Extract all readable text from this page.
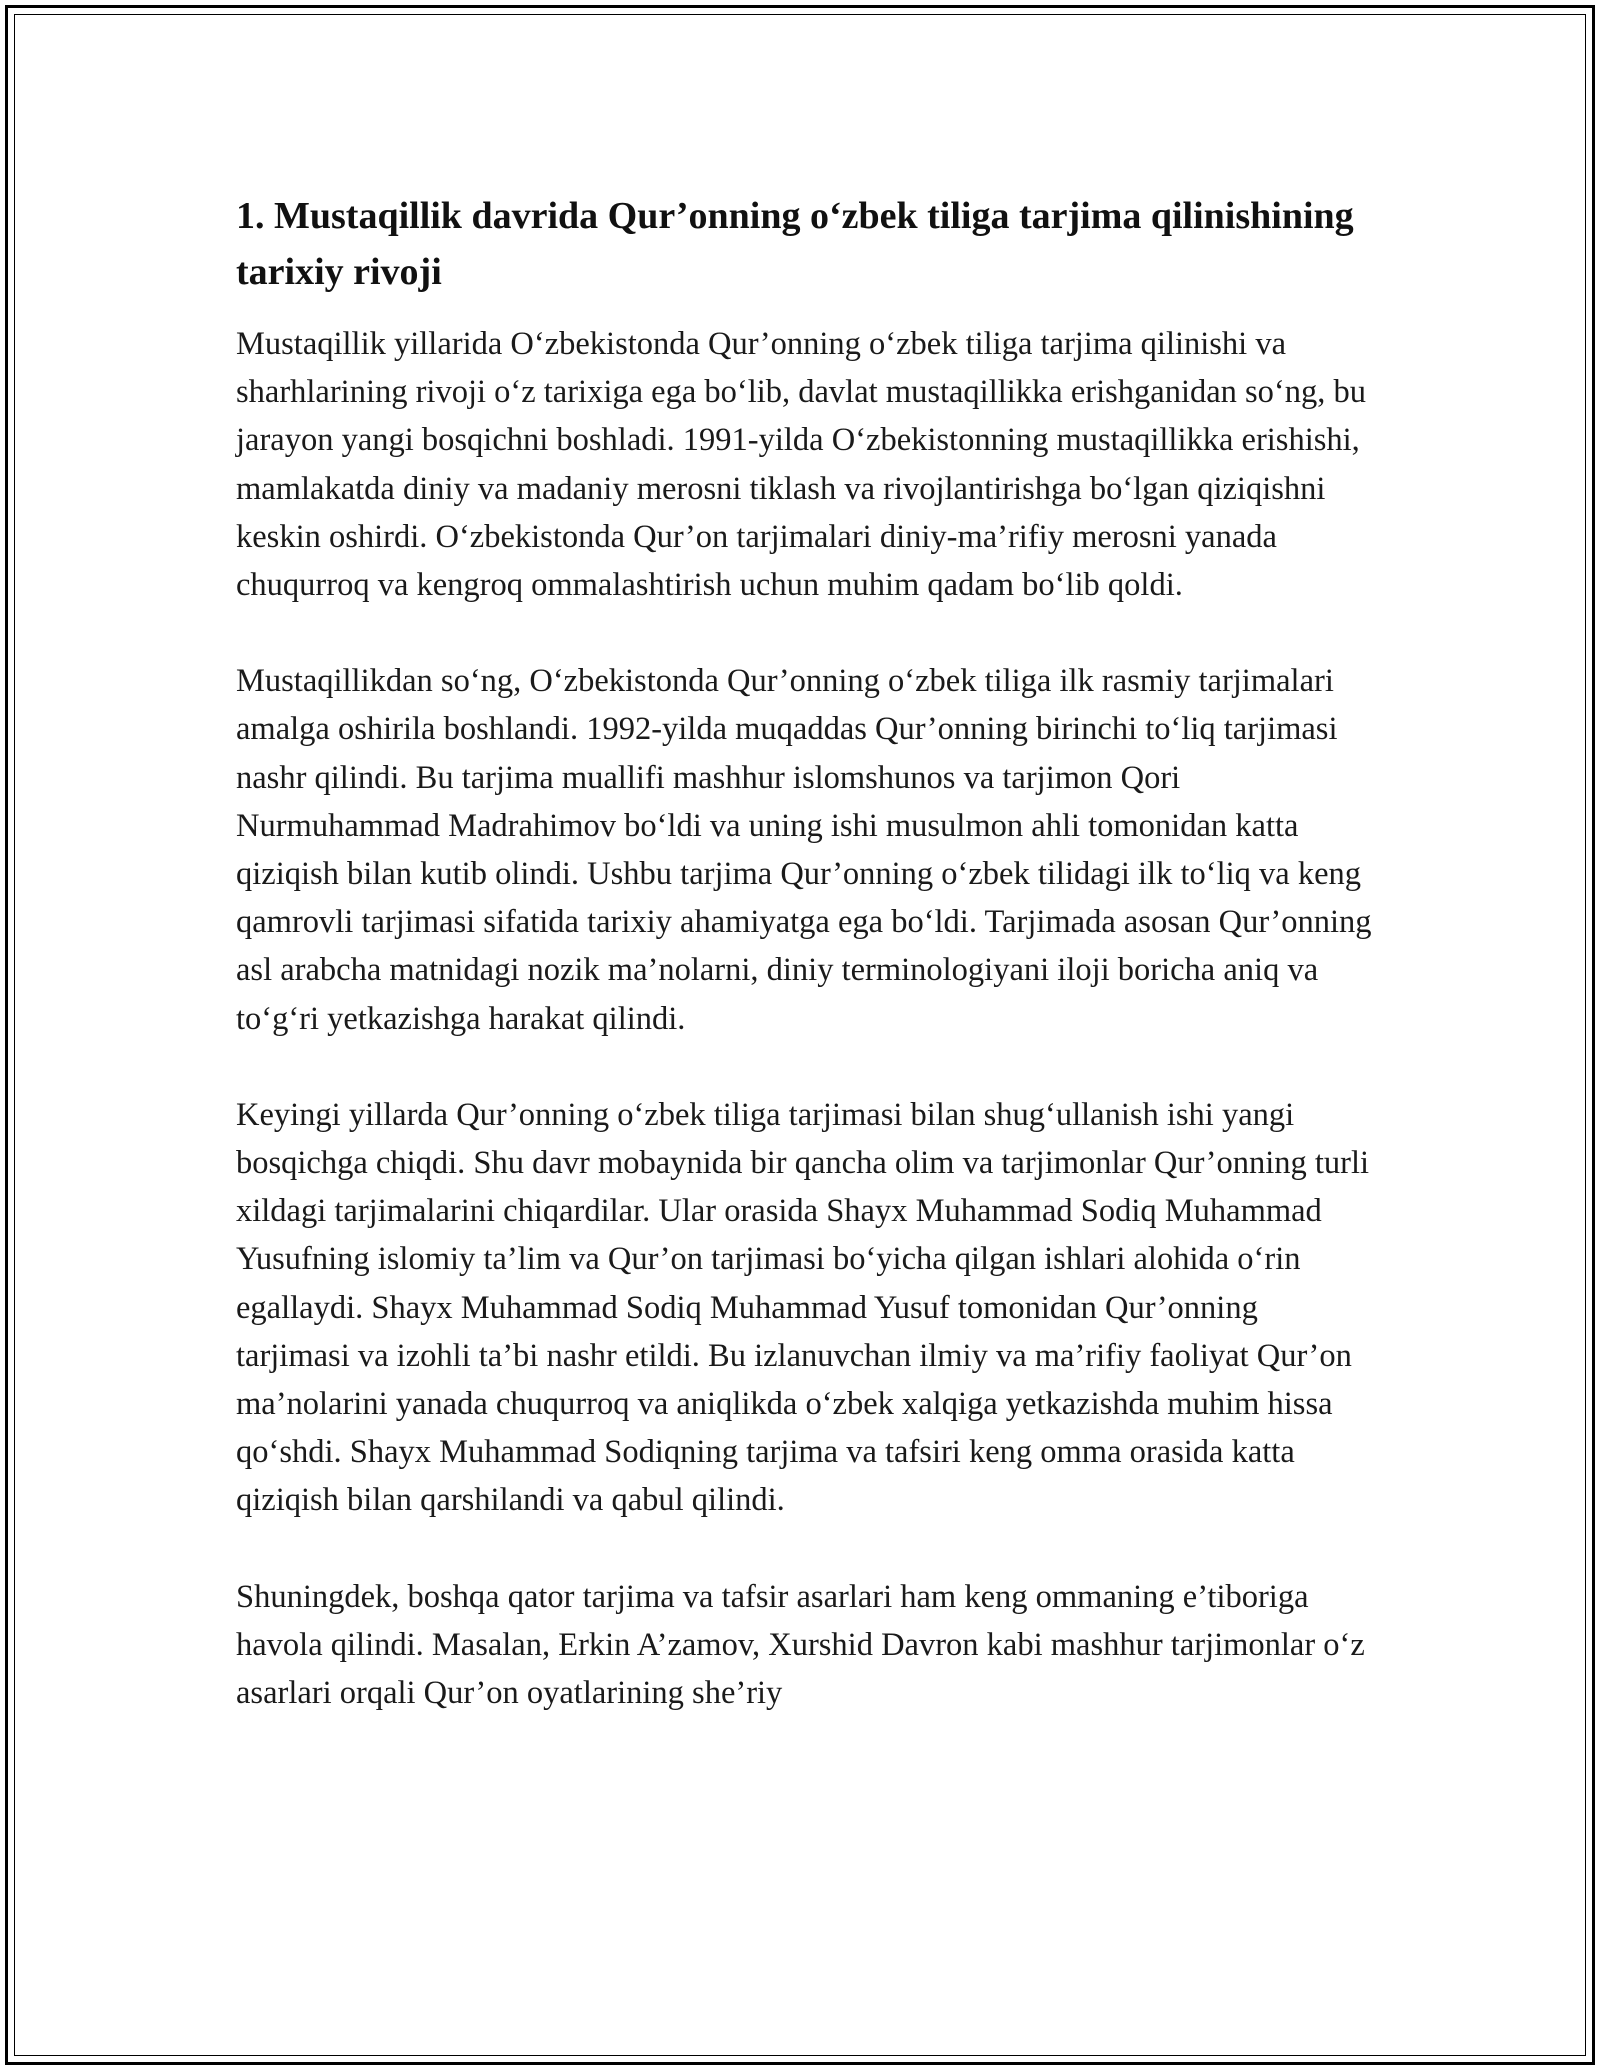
1. Mustaqillik davrida Qur’onning o‘zbek tiliga tarjima qilinishining tarixiy rivoji

Mustaqillik yillarida O‘zbekistonda Qur’onning o‘zbek tiliga tarjima qilinishi va sharhlarining rivoji o‘z tarixiga ega bo‘lib, davlat mustaqillikka erishganidan so‘ng, bu jarayon yangi bosqichni boshladi. 1991-yilda O‘zbekistonning mustaqillikka erishishi, mamlakatda diniy va madaniy merosni tiklash va rivojlantirishga bo‘lgan qiziqishni keskin oshirdi. O‘zbekistonda Qur’on tarjimalari diniy-ma’rifiy merosni yanada chuqurroq va kengroq ommalashtirish uchun muhim qadam bo‘lib qoldi.

Mustaqillikdan so‘ng, O‘zbekistonda Qur’onning o‘zbek tiliga ilk rasmiy tarjimalari amalga oshirila boshlandi. 1992-yilda muqaddas Qur’onning birinchi to‘liq tarjimasi nashr qilindi. Bu tarjima muallifi mashhur islomshunos va tarjimon Qori Nurmuhammad Madrahimov bo‘ldi va uning ishi musulmon ahli tomonidan katta qiziqish bilan kutib olindi. Ushbu tarjima Qur’onning o‘zbek tilidagi ilk to‘liq va keng qamrovli tarjimasi sifatida tarixiy ahamiyatga ega bo‘ldi. Tarjimada asosan Qur’onning asl arabcha matnidagi nozik ma’nolarni, diniy terminologiyani iloji boricha aniq va to‘g‘ri yetkazishga harakat qilindi.

Keyingi yillarda Qur’onning o‘zbek tiliga tarjimasi bilan shug‘ullanish ishi yangi bosqichga chiqdi. Shu davr mobaynida bir qancha olim va tarjimonlar Qur’onning turli xildagi tarjimalarini chiqardilar. Ular orasida Shayx Muhammad Sodiq Muhammad Yusufning islomiy ta’lim va Qur’on tarjimasi bo‘yicha qilgan ishlari alohida o‘rin egallaydi. Shayx Muhammad Sodiq Muhammad Yusuf tomonidan Qur’onning tarjimasi va izohli ta’bi nashr etildi. Bu izlanuvchan ilmiy va ma’rifiy faoliyat Qur’on ma’nolarini yanada chuqurroq va aniqlikda o‘zbek xalqiga yetkazishda muhim hissa qo‘shdi. Shayx Muhammad Sodiqning tarjima va tafsiri keng omma orasida katta qiziqish bilan qarshilandi va qabul qilindi.

Shuningdek, boshqa qator tarjima va tafsir asarlari ham keng ommaning e’tiboriga havola qilindi. Masalan, Erkin A’zamov, Xurshid Davron kabi mashhur tarjimonlar o‘z asarlari orqali Qur’on oyatlarining she’riy
